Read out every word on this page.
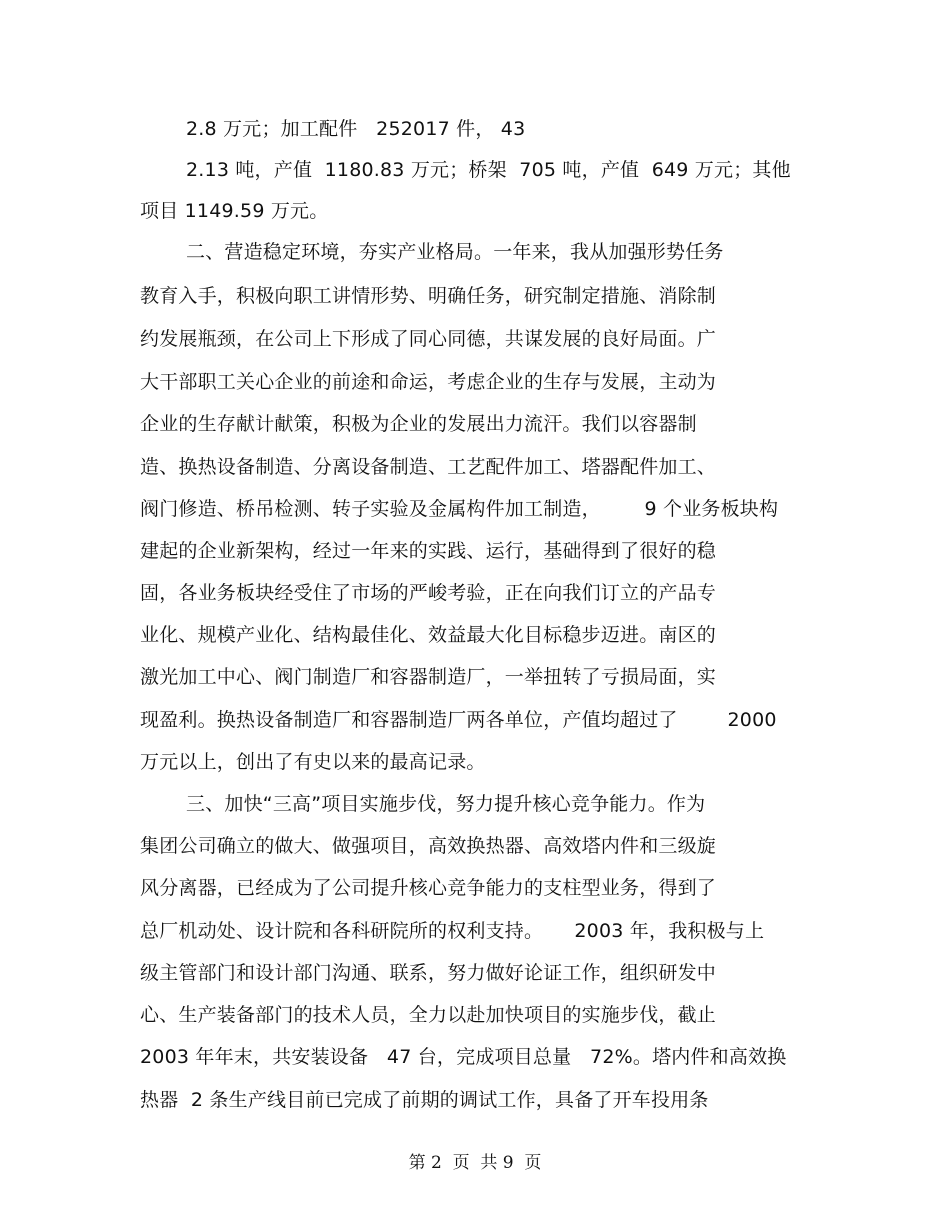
2.8 万元；加工配件   252017 件， 43
2.13 吨，产值  1180.83 万元；桥架  705 吨，产值  649 万元；其他
项目 1149.59 万元。
二、营造稳定环境，夯实产业格局。一年来，我从加强形势任务
教育入手，积极向职工讲情形势、明确任务，研究制定措施、消除制
约发展瓶颈，在公司上下形成了同心同德，共谋发展的良好局面。广
大干部职工关心企业的前途和命运，考虑企业的生存与发展，主动为
企业的生存献计献策，积极为企业的发展出力流汗。我们以容器制
造、换热设备制造、分离设备制造、工艺配件加工、塔器配件加工、
阀门修造、桥吊检测、转子实验及金属构件加工制造，       9 个业务板块构
建起的企业新架构，经过一年来的实践、运行，基础得到了很好的稳
固，各业务板块经受住了市场的严峻考验，正在向我们订立的产品专
业化、规模产业化、结构最佳化、效益最大化目标稳步迈进。南区的
激光加工中心、阀门制造厂和容器制造厂，一举扭转了亏损局面，实
现盈利。换热设备制造厂和容器制造厂两各单位，产值均超过了        2000
万元以上，创出了有史以来的最高记录。
三、加快“三高”项目实施步伐，努力提升核心竞争能力。作为
集团公司确立的做大、做强项目，高效换热器、高效塔内件和三级旋
风分离器，已经成为了公司提升核心竞争能力的支柱型业务，得到了
总厂机动处、设计院和各科研院所的权利支持。     2003 年，我积极与上
级主管部门和设计部门沟通、联系，努力做好论证工作，组织研发中
心、生产装备部门的技术人员，全力以赴加快项目的实施步伐，截止
2003 年年末，共安装设备   47 台，完成项目总量   72%。塔内件和高效换
热器  2 条生产线目前已完成了前期的调试工作，具备了开车投用条
第 2  页  共 9  页
